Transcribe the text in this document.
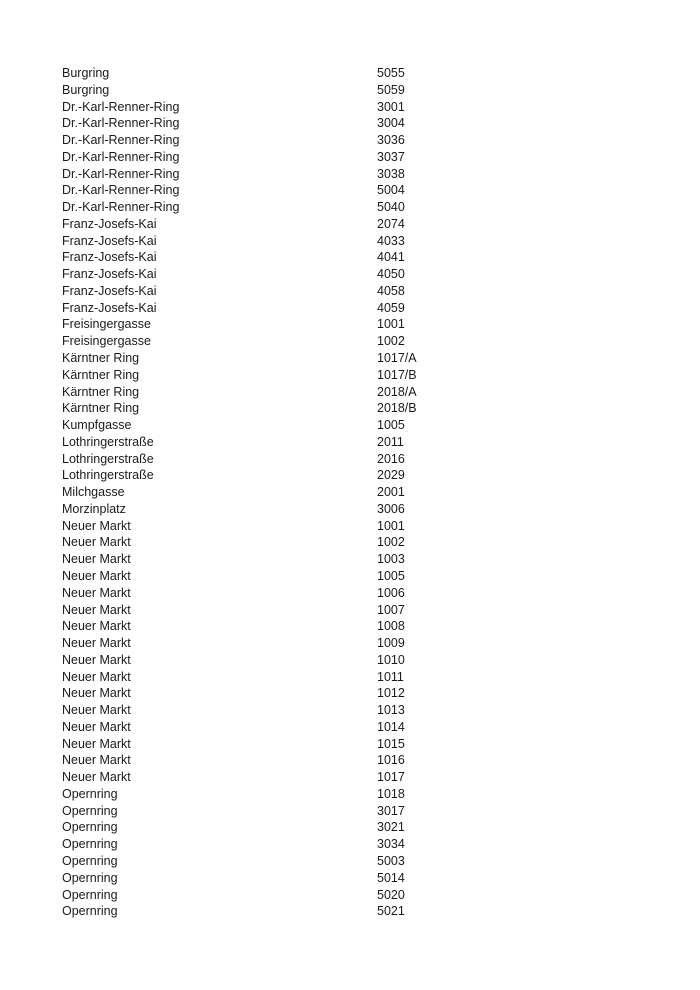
Burgring	5055
Burgring	5059
Dr.-Karl-Renner-Ring	3001
Dr.-Karl-Renner-Ring	3004
Dr.-Karl-Renner-Ring	3036
Dr.-Karl-Renner-Ring	3037
Dr.-Karl-Renner-Ring	3038
Dr.-Karl-Renner-Ring	5004
Dr.-Karl-Renner-Ring	5040
Franz-Josefs-Kai	2074
Franz-Josefs-Kai	4033
Franz-Josefs-Kai	4041
Franz-Josefs-Kai	4050
Franz-Josefs-Kai	4058
Franz-Josefs-Kai	4059
Freisingergasse	1001
Freisingergasse	1002
Kärntner Ring	1017/A
Kärntner Ring	1017/B
Kärntner Ring	2018/A
Kärntner Ring	2018/B
Kumpfgasse	1005
Lothringerstraße	2011
Lothringerstraße	2016
Lothringerstraße	2029
Milchgasse	2001
Morzinplatz	3006
Neuer Markt	1001
Neuer Markt	1002
Neuer Markt	1003
Neuer Markt	1005
Neuer Markt	1006
Neuer Markt	1007
Neuer Markt	1008
Neuer Markt	1009
Neuer Markt	1010
Neuer Markt	1011
Neuer Markt	1012
Neuer Markt	1013
Neuer Markt	1014
Neuer Markt	1015
Neuer Markt	1016
Neuer Markt	1017
Opernring	1018
Opernring	3017
Opernring	3021
Opernring	3034
Opernring	5003
Opernring	5014
Opernring	5020
Opernring	5021
